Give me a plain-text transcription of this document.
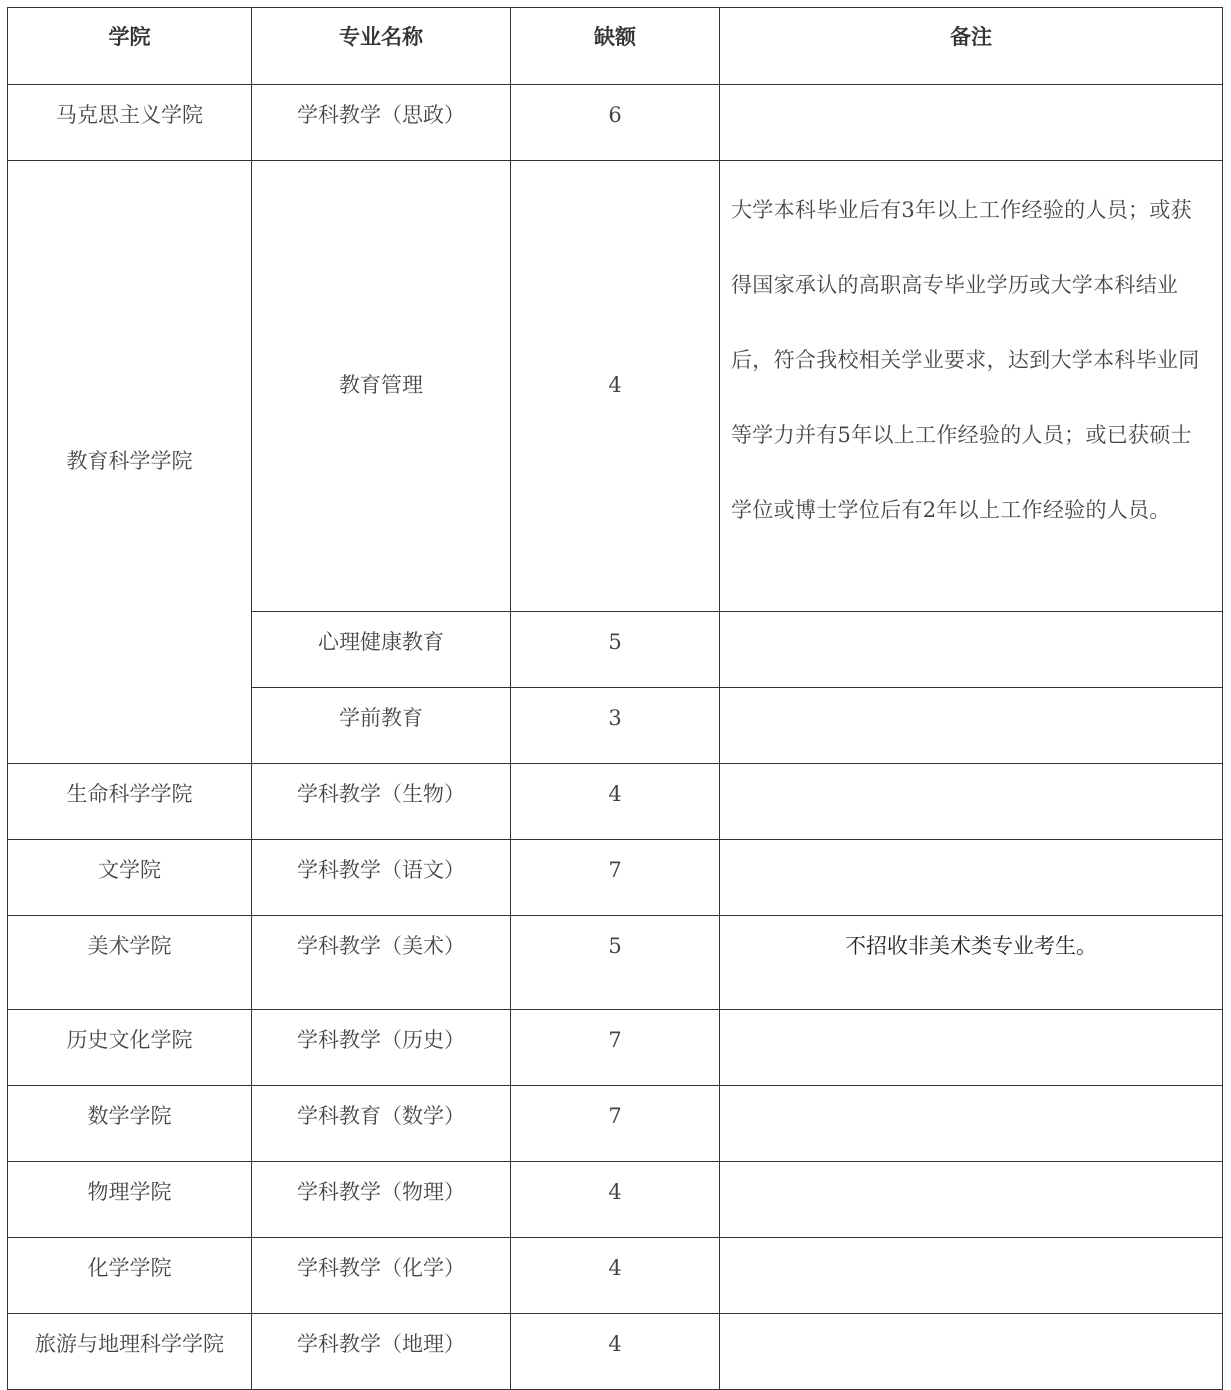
学院	专业名称	缺额	备注
马克思主义学院	学科教学（思政）	6	
教育科学学院	教育管理	4	大学本科毕业后有3年以上工作经验的人员；或获得国家承认的高职高专毕业学历或大学本科结业后，符合我校相关学业要求，达到大学本科毕业同等学力并有5年以上工作经验的人员；或已获硕士学位或博士学位后有2年以上工作经验的人员。
	心理健康教育	5	
	学前教育	3	
生命科学学院	学科教学（生物）	4	
文学院	学科教学（语文）	7	
美术学院	学科教学（美术）	5	不招收非美术类专业考生。
历史文化学院	学科教学（历史）	7	
数学学院	学科教育（数学）	7	
物理学院	学科教学（物理）	4	
化学学院	学科教学（化学）	4	
旅游与地理科学学院	学科教学（地理）	4	
